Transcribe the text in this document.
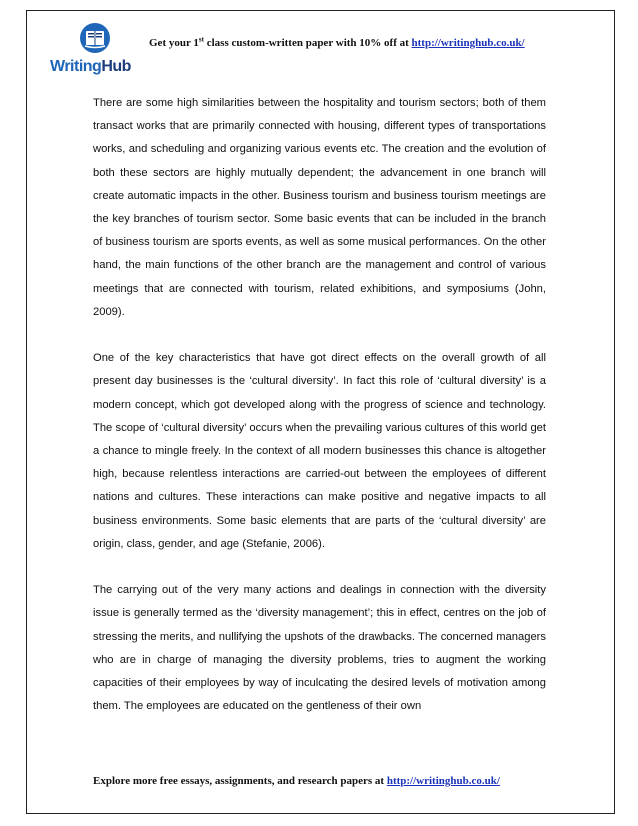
WritingHub
Get your 1st class custom-written paper with 10% off at http://writinghub.co.uk/

There are some high similarities between the hospitality and tourism sectors; both of them transact works that are primarily connected with housing, different types of transportations works, and scheduling and organizing various events etc. The creation and the evolution of both these sectors are highly mutually dependent; the advancement in one branch will create automatic impacts in the other. Business tourism and business tourism meetings are the key branches of tourism sector. Some basic events that can be included in the branch of business tourism are sports events, as well as some musical performances. On the other hand, the main functions of the other branch are the management and control of various meetings that are connected with tourism, related exhibitions, and symposiums (John, 2009).

One of the key characteristics that have got direct effects on the overall growth of all present day businesses is the ‘cultural diversity’. In fact this role of ‘cultural diversity’ is a modern concept, which got developed along with the progress of science and technology. The scope of ‘cultural diversity’ occurs when the prevailing various cultures of this world get a chance to mingle freely. In the context of all modern businesses this chance is altogether high, because relentless interactions are carried-out between the employees of different nations and cultures. These interactions can make positive and negative impacts to all business environments. Some basic elements that are parts of the ‘cultural diversity’ are origin, class, gender, and age (Stefanie, 2006).

The carrying out of the very many actions and dealings in connection with the diversity issue is generally termed as the ‘diversity management’; this in effect, centres on the job of stressing the merits, and nullifying the upshots of the drawbacks. The concerned managers who are in charge of managing the diversity problems, tries to augment the working capacities of their employees by way of inculcating the desired levels of motivation among them. The employees are educated on the gentleness of their own

Explore more free essays, assignments, and research papers at http://writinghub.co.uk/
